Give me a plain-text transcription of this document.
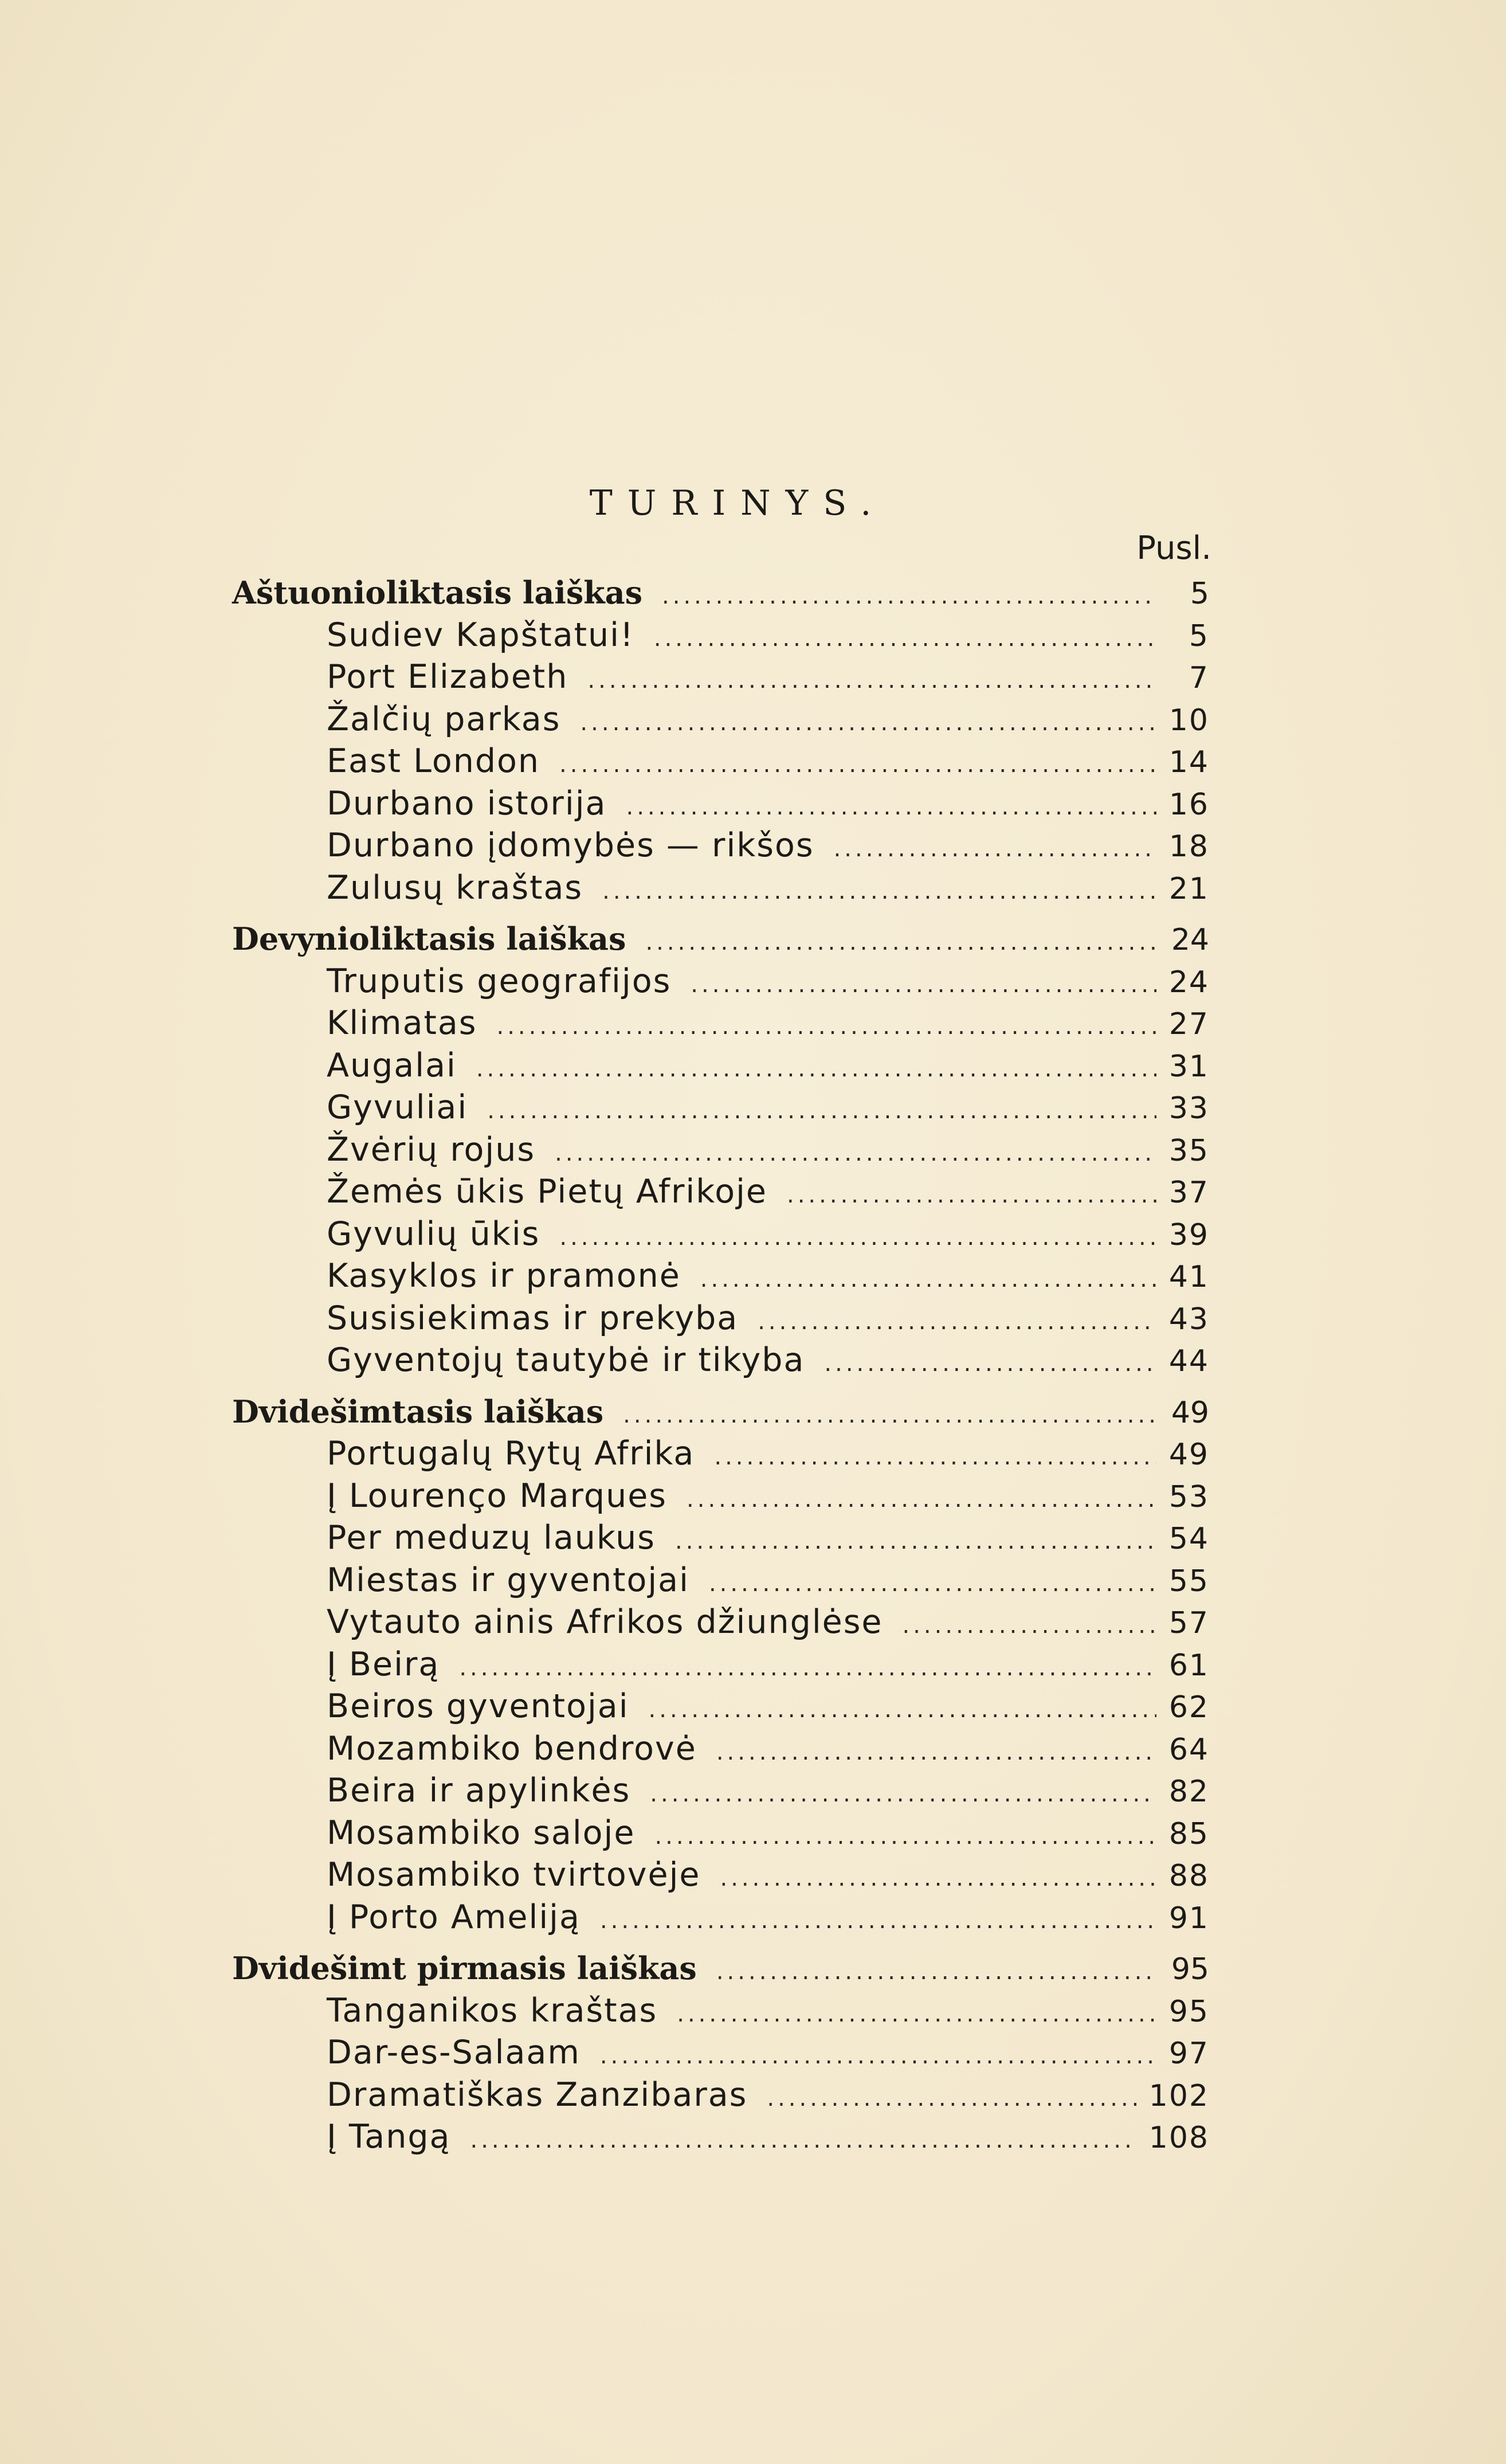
TURINYS.
Pusl.
Aštuonioliktasis laiškas .....	5
Sudiev Kapštatui! .....	5
Port Elizabeth .....	7
Žalčių parkas .....	10
East London .....	14
Durbano istorija .....	16
Durbano įdomybės — rikšos .....	18
Zulusų kraštas .....	21
Devynioliktasis laiškas .....	24
Truputis geografijos .....	24
Klimatas .....	27
Augalai .....	31
Gyvuliai .....	33
Žvėrių rojus .....	35
Žemės ūkis Pietų Afrikoje .....	37
Gyvulių ūkis .....	39
Kasyklos ir pramonė .....	41
Susisiekimas ir prekyba .....	43
Gyventojų tautybė ir tikyba .....	44
Dvidešimtasis laiškas .....	49
Portugalų Rytų Afrika .....	49
Į Lourenço Marques .....	53
Per meduzų laukus .....	54
Miestas ir gyventojai .....	55
Vytauto ainis Afrikos džiunglėse .....	57
Į Beirą .....	61
Beiros gyventojai .....	62
Mozambiko bendrovė .....	64
Beira ir apylinkės .....	82
Mosambiko saloje .....	85
Mosambiko tvirtovėje .....	88
Į Porto Ameliją .....	91
Dvidešimt pirmasis laiškas .....	95
Tanganikos kraštas .....	95
Dar-es-Salaam .....	97
Dramatiškas Zanzibaras .....	102
Į Tangą .....	108
